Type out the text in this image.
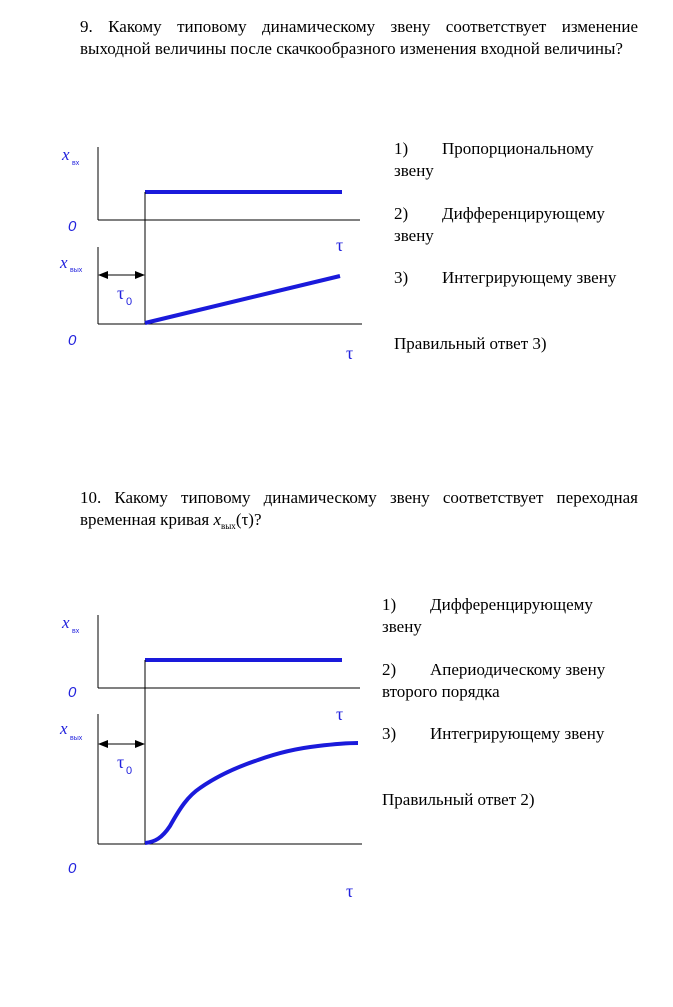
9. Какому типовому динамическому звену соответствует изменение выходной величины после скачкообразного изменения входной величины?
x вх
0
τ
x вых
τ 0
0
τ
1) Пропорциональному
звену
2) Дифференцирующему
звену
3) Интегрирующему звену
Правильный ответ 3)
10. Какому типовому динамическому звену соответствует переходная временная кривая $x_{вых}(\tau)$?
x вх
0
τ
x
вых
τ 0
0
τ
1) Дифференцирующему
звену
2) Апериодическому звену
второго порядка
3) Интегрирующему звену
Правильный ответ 2)
